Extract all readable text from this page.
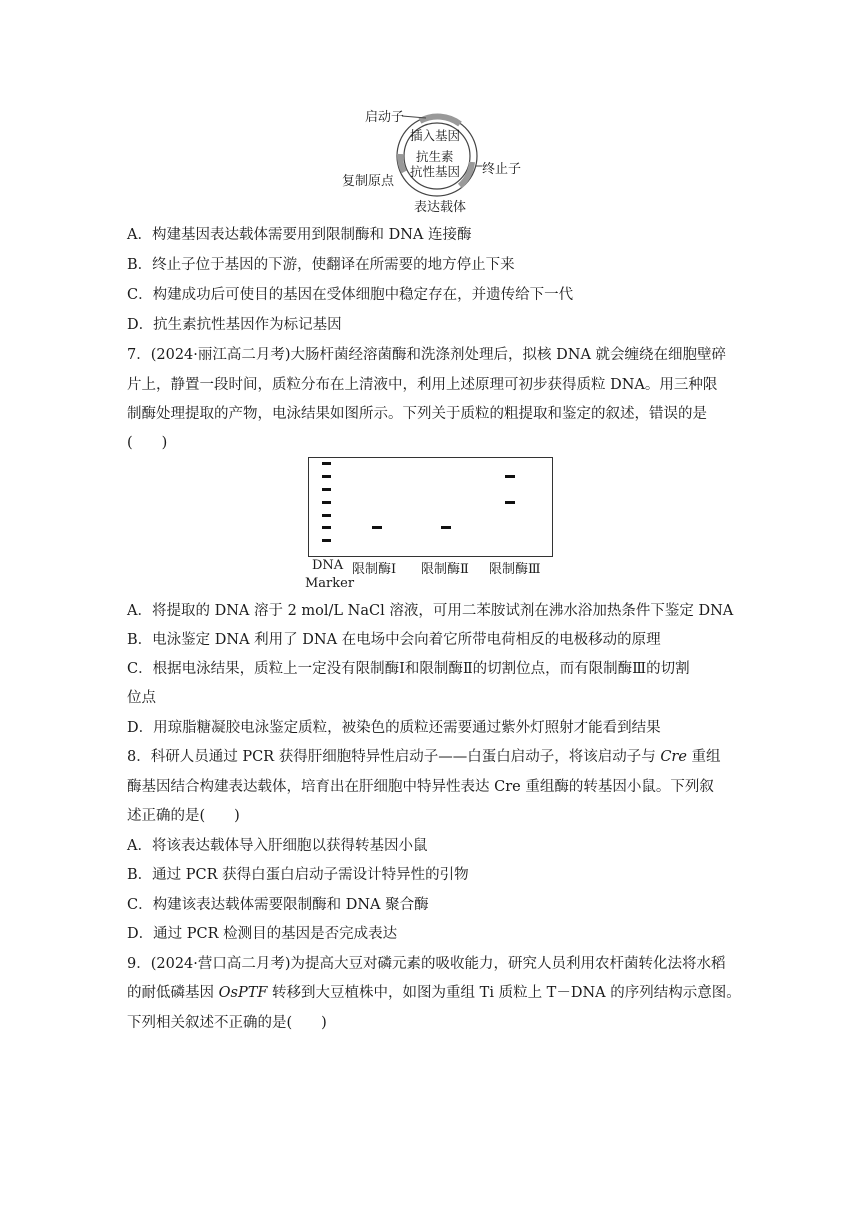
启动子
插入基因
抗生素
抗性基因 终止子
复制原点
表达载体
A．构建基因表达载体需要用到限制酶和 DNA 连接酶
B．终止子位于基因的下游，使翻译在所需要的地方停止下来
C．构建成功后可使目的基因在受体细胞中稳定存在，并遗传给下一代
D．抗生素抗性基因作为标记基因
7．(2024·丽江高二月考)大肠杆菌经溶菌酶和洗涤剂处理后，拟核 DNA 就会缠绕在细胞壁碎
片上，静置一段时间，质粒分布在上清液中，利用上述原理可初步获得质粒 DNA。用三种限
制酶处理提取的产物，电泳结果如图所示。下列关于质粒的粗提取和鉴定的叙述，错误的是
(　　)
DNA
Marker
限制酶Ⅰ 限制酶Ⅱ 限制酶Ⅲ
A．将提取的 DNA 溶于 2 mol/L NaCl 溶液，可用二苯胺试剂在沸水浴加热条件下鉴定 DNA
B．电泳鉴定 DNA 利用了 DNA 在电场中会向着它所带电荷相反的电极移动的原理
C．根据电泳结果，质粒上一定没有限制酶Ⅰ和限制酶Ⅱ的切割位点，而有限制酶Ⅲ的切割
位点
D．用琼脂糖凝胶电泳鉴定质粒，被染色的质粒还需要通过紫外灯照射才能看到结果
8．科研人员通过 PCR 获得肝细胞特异性启动子——白蛋白启动子，将该启动子与 Cre 重组
酶基因结合构建表达载体，培育出在肝细胞中特异性表达 Cre 重组酶的转基因小鼠。下列叙
述正确的是(　　)
A．将该表达载体导入肝细胞以获得转基因小鼠
B．通过 PCR 获得白蛋白启动子需设计特异性的引物
C．构建该表达载体需要限制酶和 DNA 聚合酶
D．通过 PCR 检测目的基因是否完成表达
9．(2024·营口高二月考)为提高大豆对磷元素的吸收能力，研究人员利用农杆菌转化法将水稻
的耐低磷基因 OsPTF 转移到大豆植株中，如图为重组 Ti 质粒上 T－DNA 的序列结构示意图。
下列相关叙述不正确的是(　　)
